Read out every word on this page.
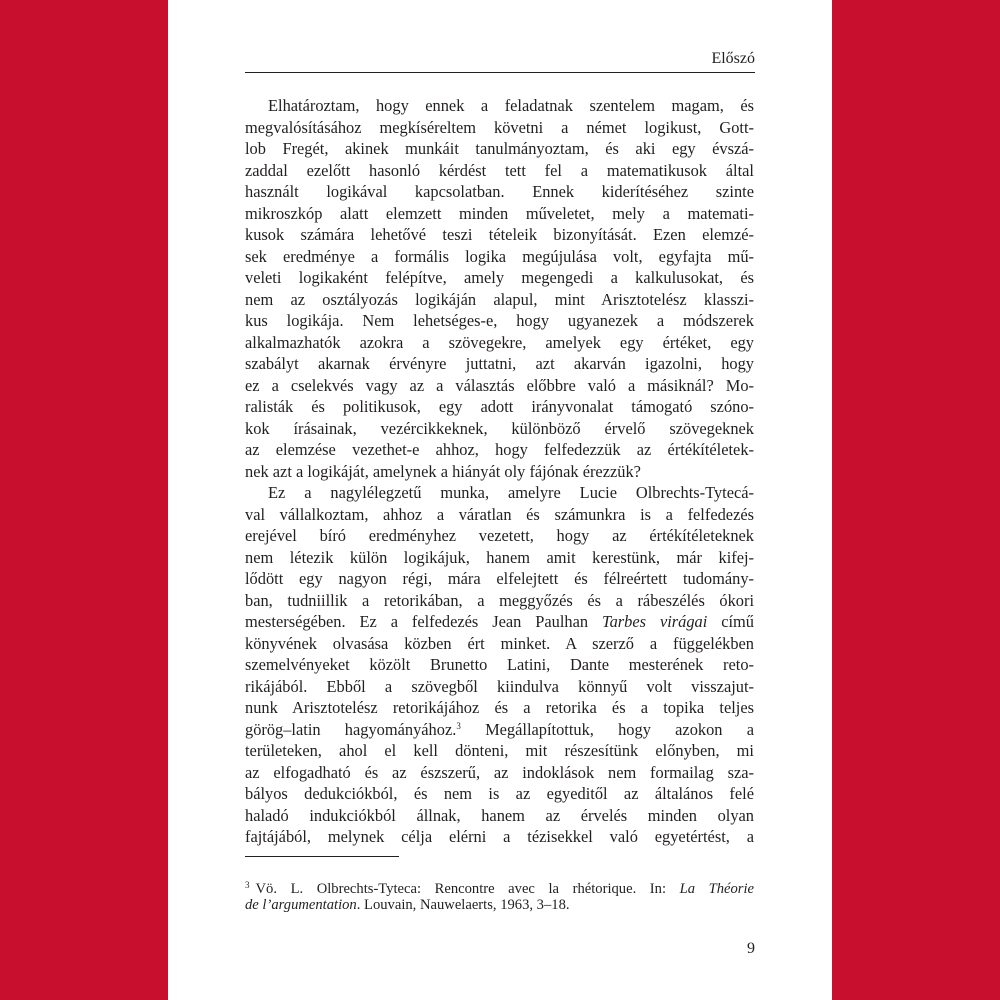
Előszó
Elhatároztam, hogy ennek a feladatnak szentelem magam, és
megvalósításához megkíséreltem követni a német logikust, Gott-
lob Fregét, akinek munkáit tanulmányoztam, és aki egy évszá-
zaddal ezelőtt hasonló kérdést tett fel a matematikusok által
használt logikával kapcsolatban. Ennek kiderítéséhez szinte
mikroszkóp alatt elemzett minden műveletet, mely a matemati-
kusok számára lehetővé teszi tételeik bizonyítását. Ezen elemzé-
sek eredménye a formális logika megújulása volt, egyfajta mű-
veleti logikaként felépítve, amely megengedi a kalkulusokat, és
nem az osztályozás logikáján alapul, mint Arisztotelész klasszi-
kus logikája. Nem lehetséges-e, hogy ugyanezek a módszerek
alkalmazhatók azokra a szövegekre, amelyek egy értéket, egy
szabályt akarnak érvényre juttatni, azt akarván igazolni, hogy
ez a cselekvés vagy az a választás előbbre való a másiknál? Mo-
ralisták és politikusok, egy adott irányvonalat támogató szóno-
kok írásainak, vezércikkeknek, különböző érvelő szövegeknek
az elemzése vezethet-e ahhoz, hogy felfedezzük az értékítéletek-
nek azt a logikáját, amelynek a hiányát oly fájónak érezzük?
Ez a nagylélegzetű munka, amelyre Lucie Olbrechts-Tytecá-
val vállalkoztam, ahhoz a váratlan és számunkra is a felfedezés
erejével bíró eredményhez vezetett, hogy az értékítéleteknek
nem létezik külön logikájuk, hanem amit kerestünk, már kifej-
lődött egy nagyon régi, mára elfelejtett és félreértett tudomány-
ban, tudniillik a retorikában, a meggyőzés és a rábeszélés ókori
mesterségében. Ez a felfedezés Jean Paulhan Tarbes virágai című
könyvének olvasása közben ért minket. A szerző a függelékben
szemelvényeket közölt Brunetto Latini, Dante mesterének reto-
rikájából. Ebből a szövegből kiindulva könnyű volt visszajut-
nunk Arisztotelész retorikájához és a retorika és a topika teljes
görög–latin hagyományához.$^3$ Megállapítottuk, hogy azokon a
területeken, ahol el kell dönteni, mit részesítünk előnyben, mi
az elfogadható és az észszerű, az indoklások nem formailag sza-
bályos dedukciókból, és nem is az egyeditől az általános felé
haladó indukciókból állnak, hanem az érvelés minden olyan
fajtájából, melynek célja elérni a tézisekkel való egyetértést, a
$^3$ Vö. L. Olbrechts-Tyteca: Rencontre avec la rhétorique. In: La Théorie
de l’argumentation. Louvain, Nauwelaerts, 1963, 3–18.
9
